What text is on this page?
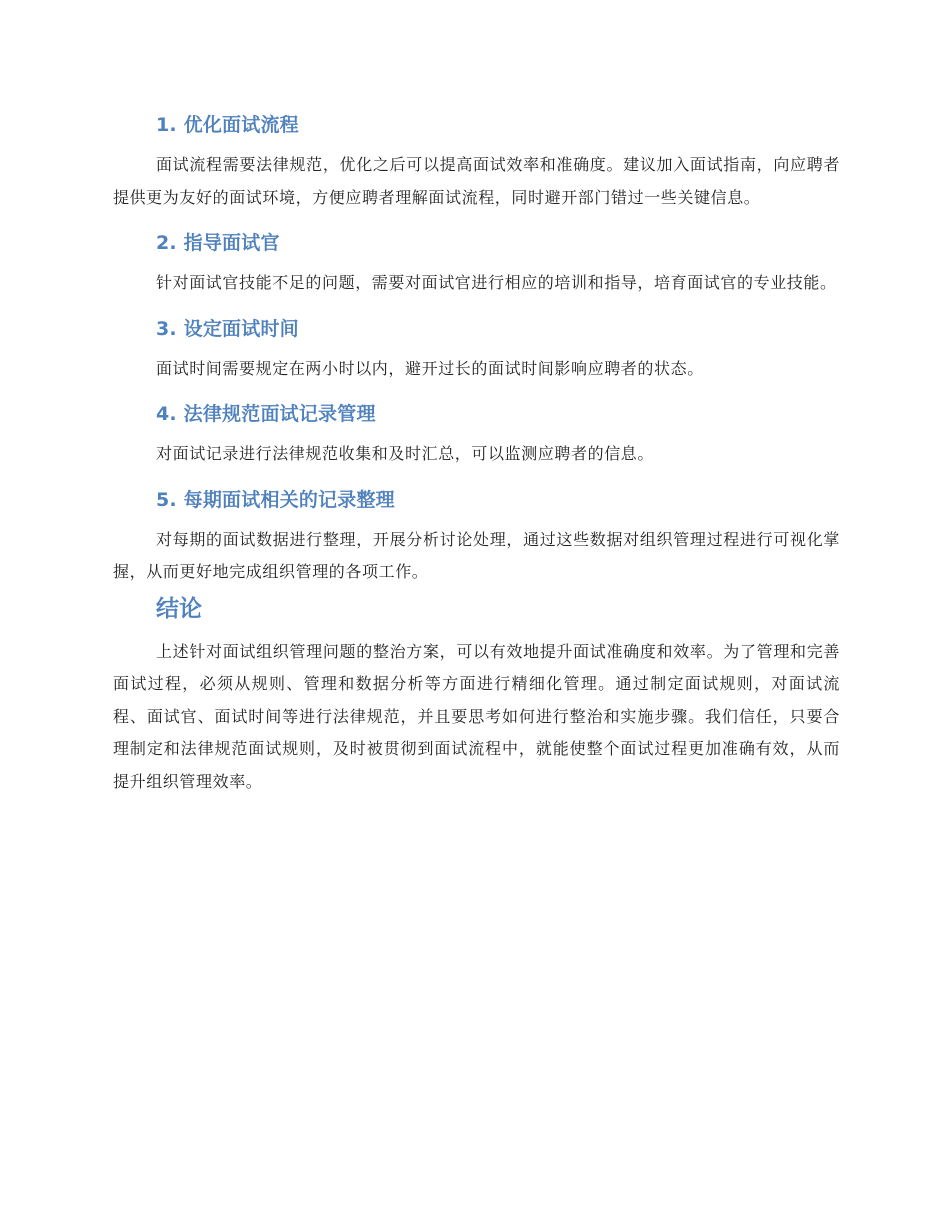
1. 优化面试流程

面试流程需要法律规范，优化之后可以提高面试效率和准确度。建议加入面试指南，向应聘者提供更为友好的面试环境，方便应聘者理解面试流程，同时避开部门错过一些关键信息。

2. 指导面试官

针对面试官技能不足的问题，需要对面试官进行相应的培训和指导，培育面试官的专业技能。

3. 设定面试时间

面试时间需要规定在两小时以内，避开过长的面试时间影响应聘者的状态。

4. 法律规范面试记录管理

对面试记录进行法律规范收集和及时汇总，可以监测应聘者的信息。

5. 每期面试相关的记录整理

对每期的面试数据进行整理，开展分析讨论处理，通过这些数据对组织管理过程进行可视化掌握，从而更好地完成组织管理的各项工作。

结论

上述针对面试组织管理问题的整治方案，可以有效地提升面试准确度和效率。为了管理和完善面试过程，必须从规则、管理和数据分析等方面进行精细化管理。通过制定面试规则，对面试流程、面试官、面试时间等进行法律规范，并且要思考如何进行整治和实施步骤。我们信任，只要合理制定和法律规范面试规则，及时被贯彻到面试流程中，就能使整个面试过程更加准确有效，从而提升组织管理效率。
